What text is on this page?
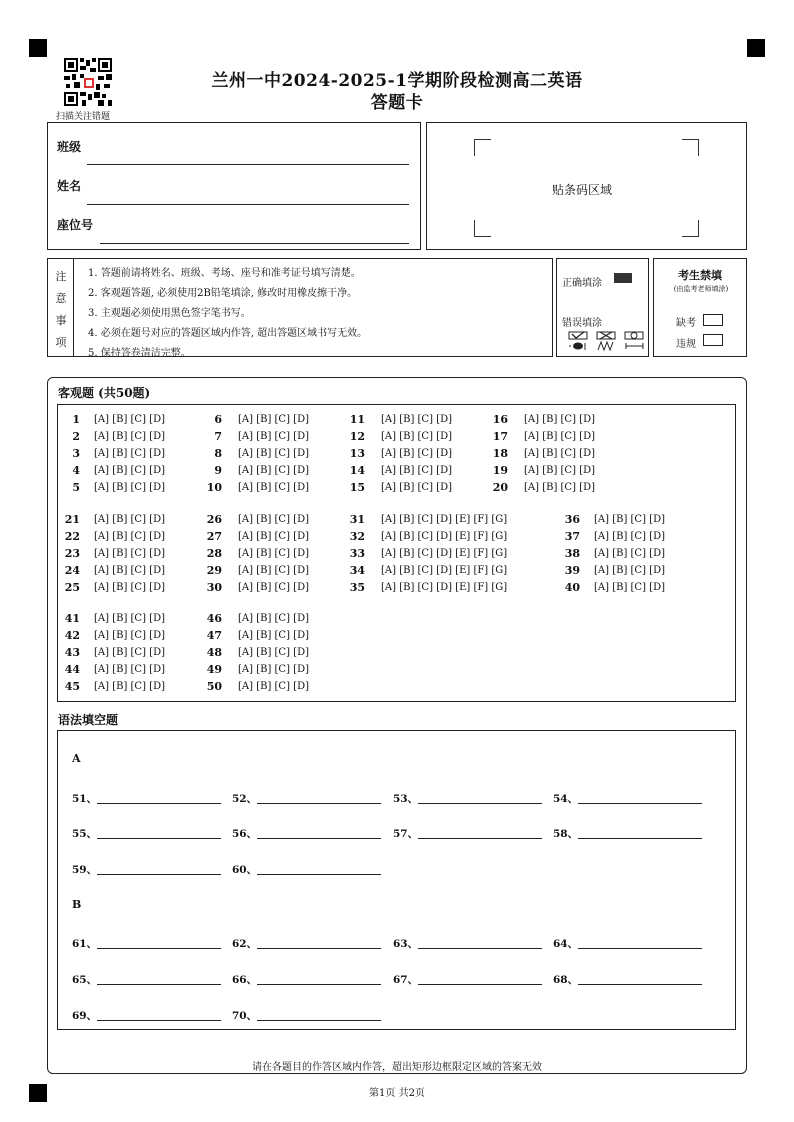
扫描关注错题
兰州一中2024-2025-1学期阶段检测高二英语
答题卡
班级
姓名
座位号
贴条码区域
注
意
事
项
1. 答题前请将姓名、班级、考场、座号和准考证号填写清楚。
2. 客观题答题, 必须使用2B铅笔填涂, 修改时用橡皮擦干净。
3. 主观题必须使用黑色签字笔书写。
4. 必须在题号对应的答题区域内作答, 超出答题区域书写无效。
5. 保持答卷清洁完整。
正确填涂
错误填涂
考生禁填
(由监考老师填涂)
缺考
违规
客观题 (共50题)
1 [A] [B] [C] [D]
2 [A] [B] [C] [D]
3 [A] [B] [C] [D]
4 [A] [B] [C] [D]
5 [A] [B] [C] [D]
6 [A] [B] [C] [D]
7 [A] [B] [C] [D]
8 [A] [B] [C] [D]
9 [A] [B] [C] [D]
10 [A] [B] [C] [D]
11 [A] [B] [C] [D]
12 [A] [B] [C] [D]
13 [A] [B] [C] [D]
14 [A] [B] [C] [D]
15 [A] [B] [C] [D]
16 [A] [B] [C] [D]
17 [A] [B] [C] [D]
18 [A] [B] [C] [D]
19 [A] [B] [C] [D]
20 [A] [B] [C] [D]
21 [A] [B] [C] [D]
22 [A] [B] [C] [D]
23 [A] [B] [C] [D]
24 [A] [B] [C] [D]
25 [A] [B] [C] [D]
26 [A] [B] [C] [D]
27 [A] [B] [C] [D]
28 [A] [B] [C] [D]
29 [A] [B] [C] [D]
30 [A] [B] [C] [D]
31 [A] [B] [C] [D] [E] [F] [G]
32 [A] [B] [C] [D] [E] [F] [G]
33 [A] [B] [C] [D] [E] [F] [G]
34 [A] [B] [C] [D] [E] [F] [G]
35 [A] [B] [C] [D] [E] [F] [G]
36 [A] [B] [C] [D]
37 [A] [B] [C] [D]
38 [A] [B] [C] [D]
39 [A] [B] [C] [D]
40 [A] [B] [C] [D]
41 [A] [B] [C] [D]
42 [A] [B] [C] [D]
43 [A] [B] [C] [D]
44 [A] [B] [C] [D]
45 [A] [B] [C] [D]
46 [A] [B] [C] [D]
47 [A] [B] [C] [D]
48 [A] [B] [C] [D]
49 [A] [B] [C] [D]
50 [A] [B] [C] [D]
语法填空题
A
B
51、	52、	53、	54、
55、	56、	57、	58、
59、	60、
61、	62、	63、	64、
65、	66、	67、	68、
69、	70、
请在各题目的作答区域内作答，超出矩形边框限定区域的答案无效
第1页 共2页
